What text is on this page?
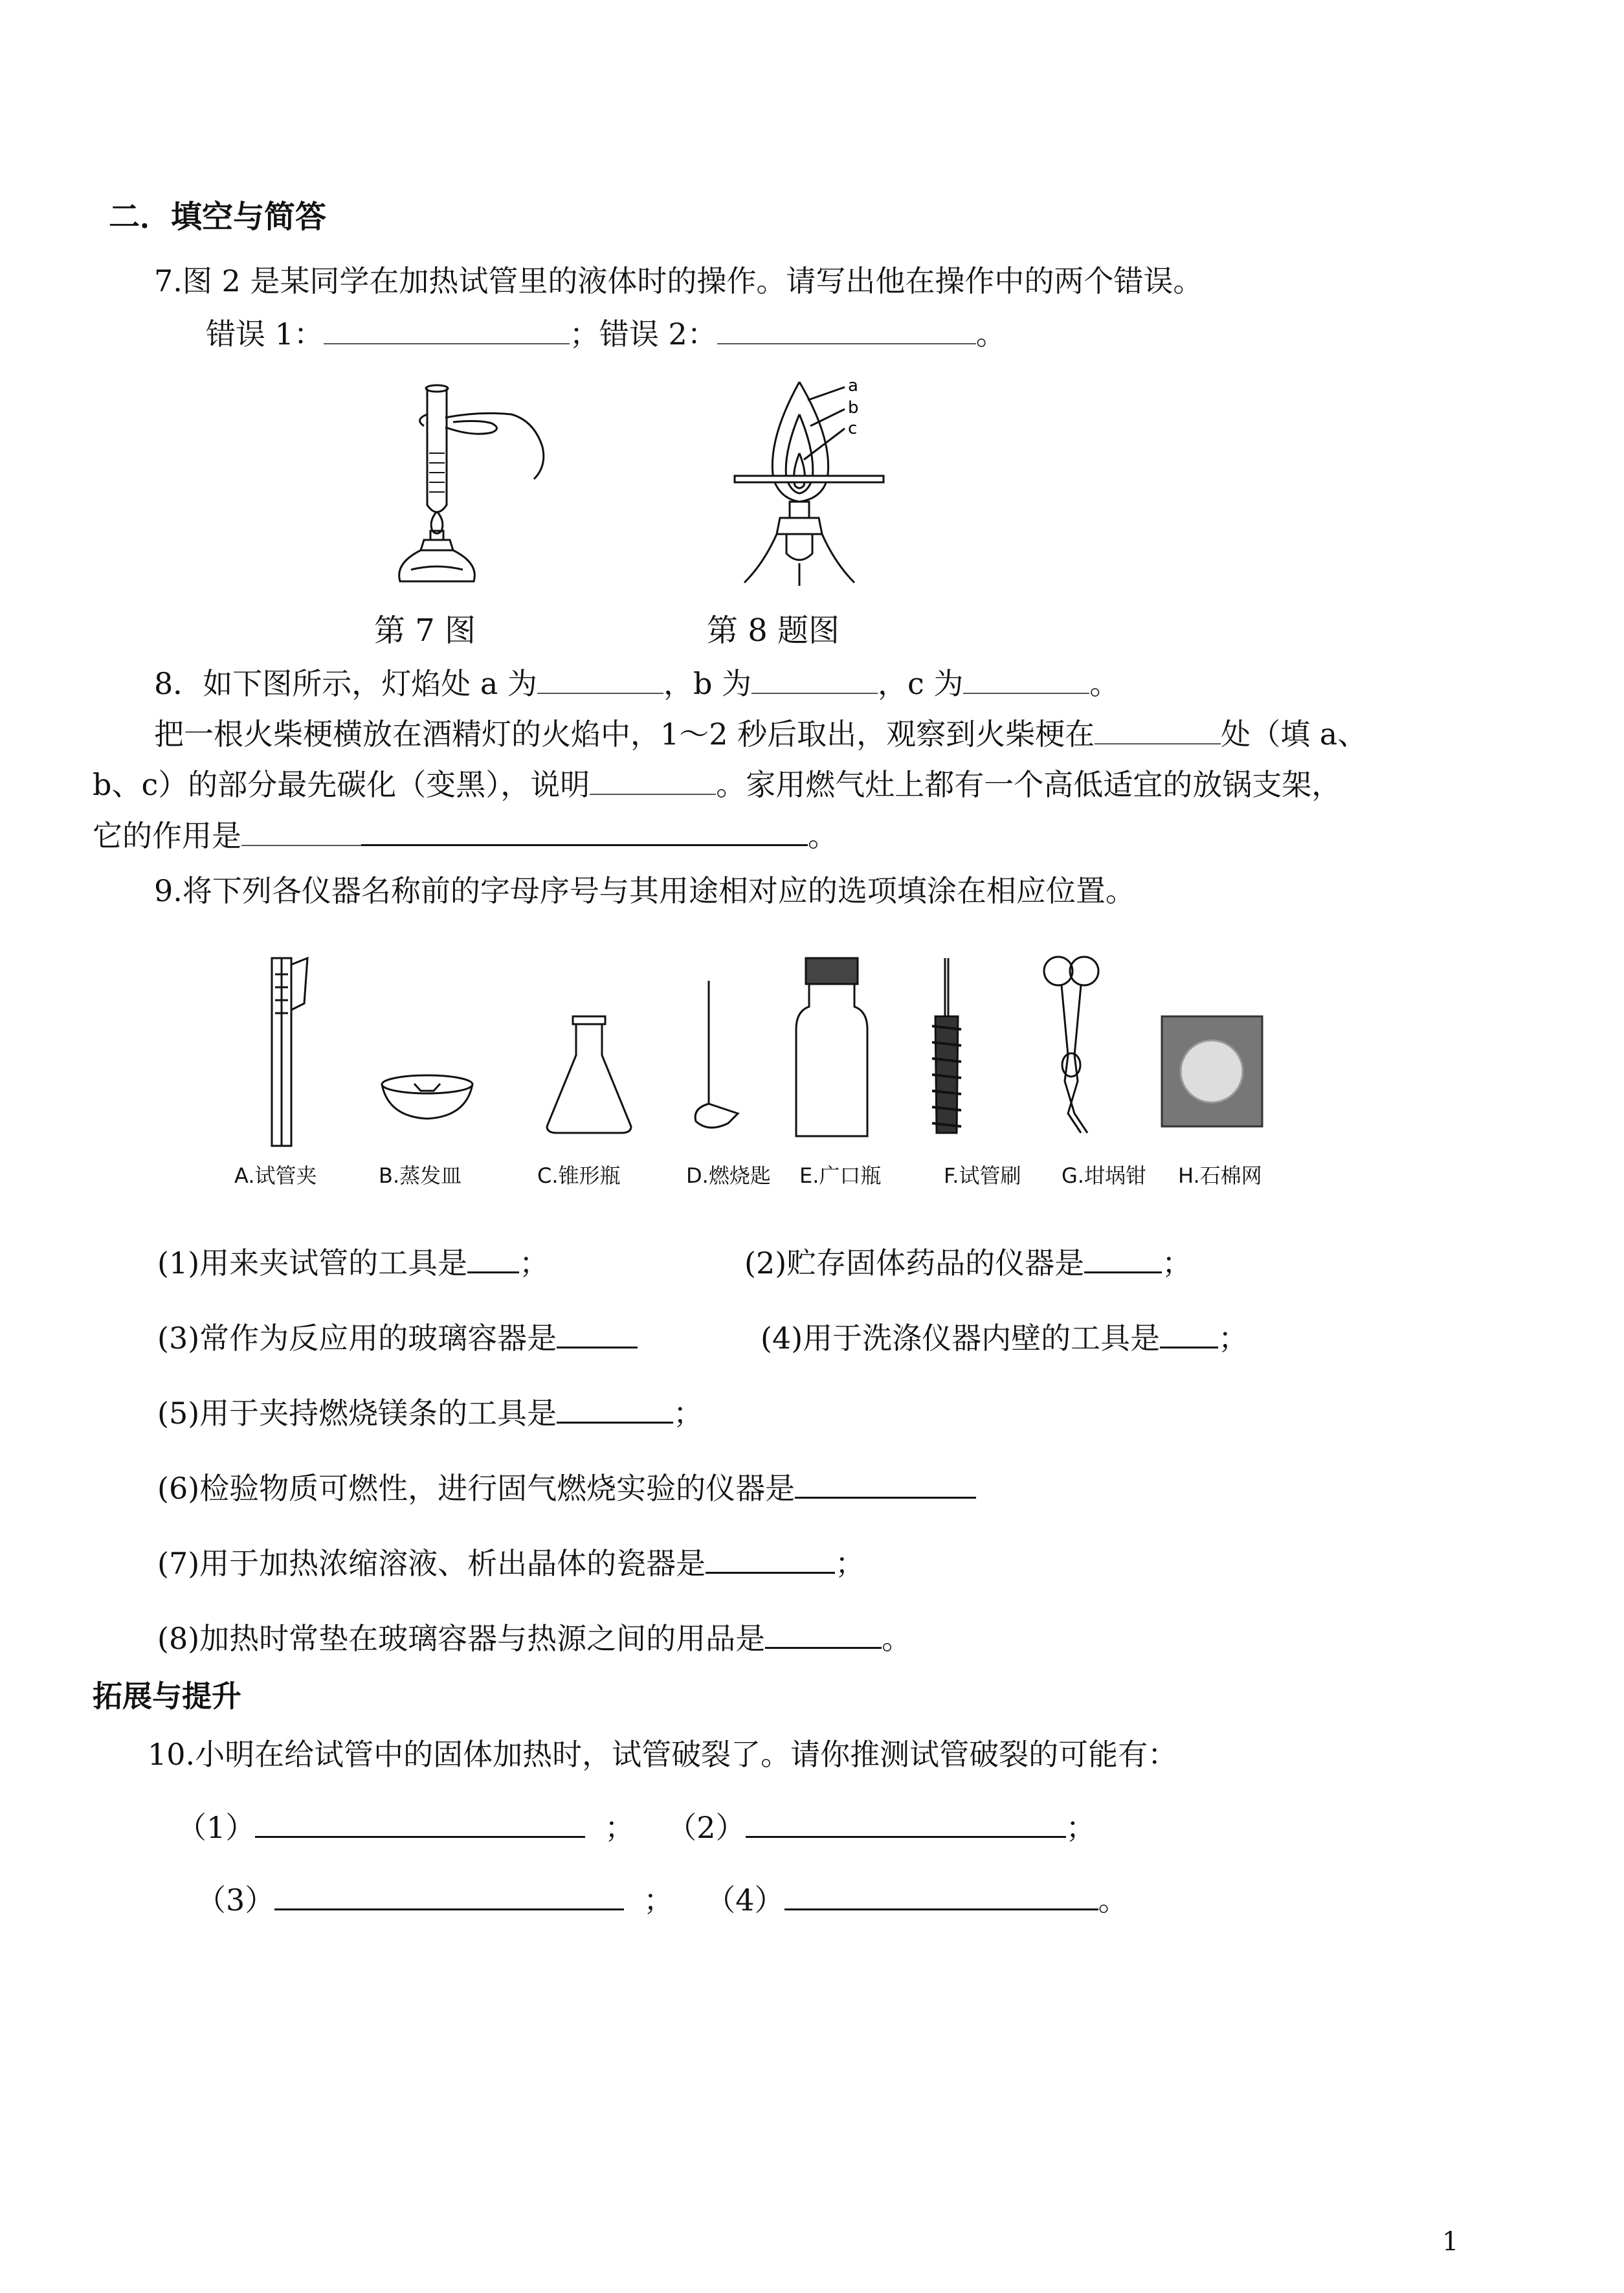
二．填空与简答
7.图 2 是某同学在加热试管里的液体时的操作。请写出他在操作中的两个错误。
错误 1：	；错误 2：	。
a
b
c
第 7 图	第 8 题图
8．如下图所示，灯焰处 a 为	，b 为	，c 为	。
把一根火柴梗横放在酒精灯的火焰中，1～2 秒后取出，观察到火柴梗在	处（填 a、
b、c）的部分最先碳化（变黑），说明	。家用燃气灶上都有一个高低适宜的放锅支架，
它的作用是	。
9.将下列各仪器名称前的字母序号与其用途相对应的选项填涂在相应位置。
A.试管夹	B.蒸发皿	C.锥形瓶	D.燃烧匙 E.广口瓶	F.试管刷 G.坩埚钳 H.石棉网
(1)用来夹试管的工具是 ；	(2)贮存固体药品的仪器是	；
(3)常作为反应用的玻璃容器是	(4)用于洗涤仪器内壁的工具是 ；
(5)用于夹持燃烧镁条的工具是	；
(6)检验物质可燃性，进行固气燃烧实验的仪器是
(7)用于加热浓缩溶液、析出晶体的瓷器是	；
(8)加热时常垫在玻璃容器与热源之间的用品是	。
拓展与提升
10.小明在给试管中的固体加热时，试管破裂了。请你推测试管破裂的可能有：
（1）	； （2）	；
（3）	； （4）	。
1
